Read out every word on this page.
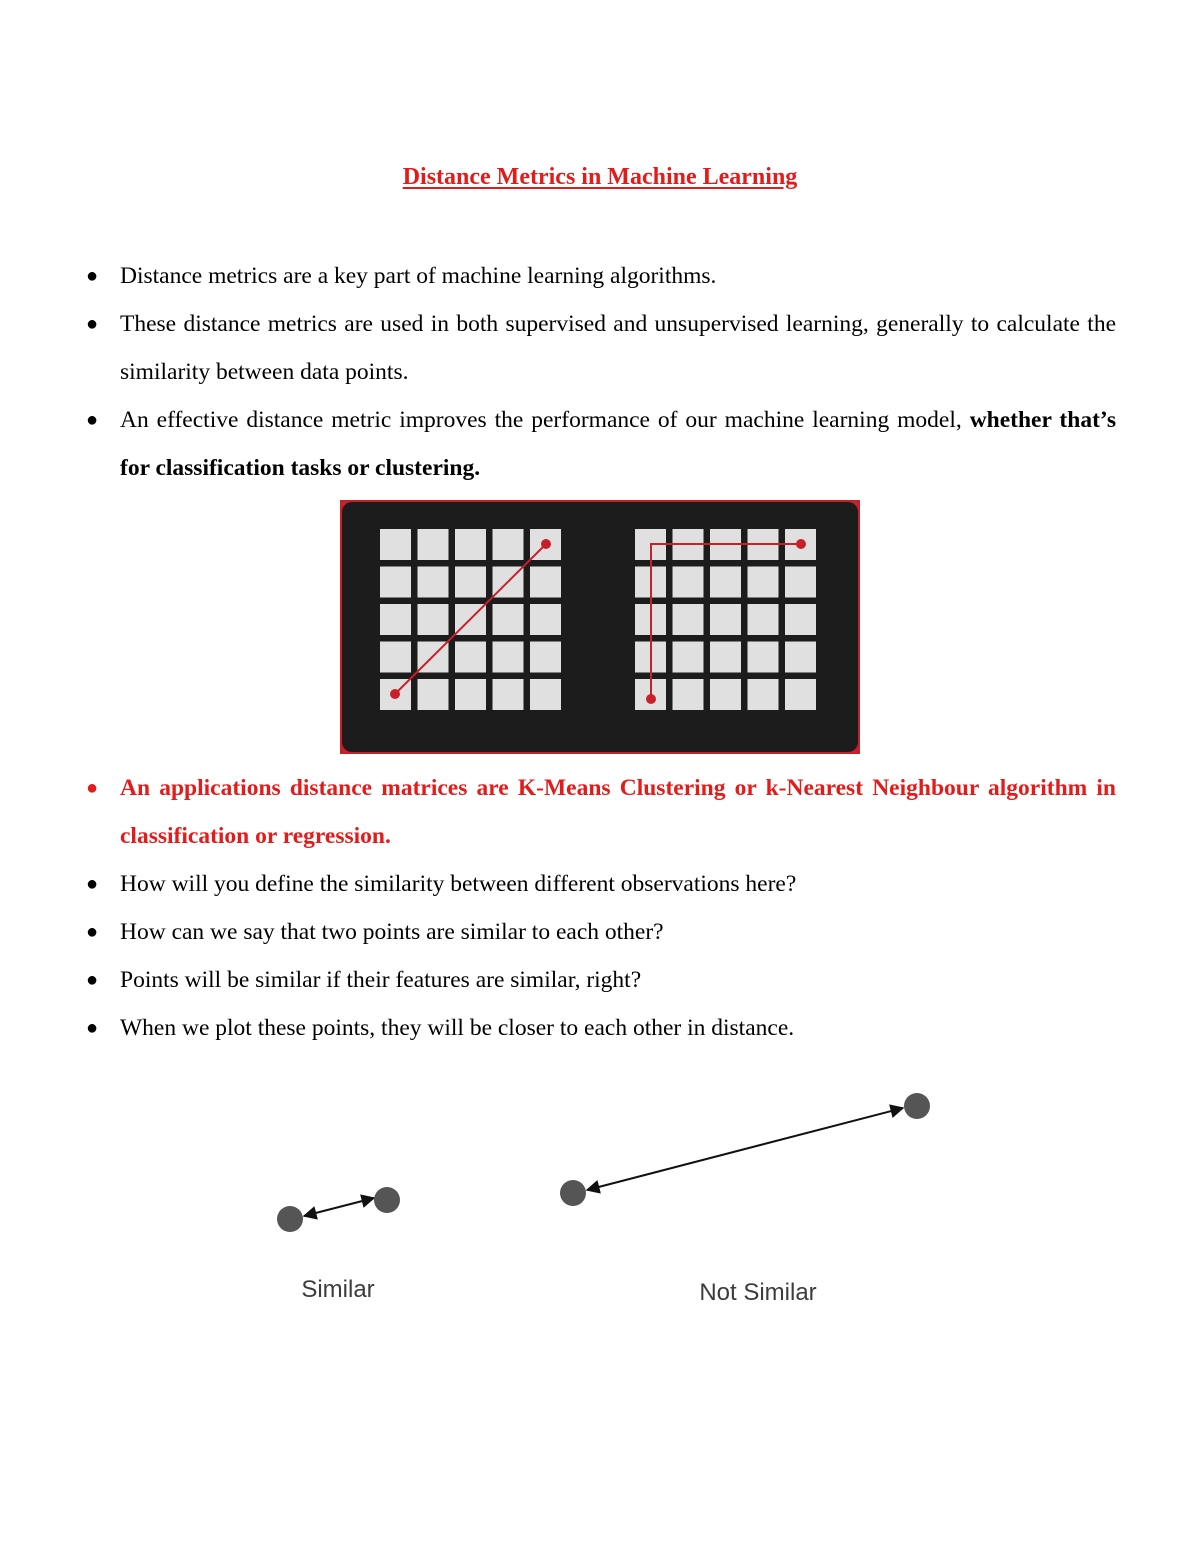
Distance Metrics in Machine Learning
● Distance metrics are a key part of machine learning algorithms.
● These distance metrics are used in both supervised and unsupervised learning, generally to calculate the similarity between data points.
● An effective distance metric improves the performance of our machine learning model, whether that’s for classification tasks or clustering.
● An applications distance matrices are K-Means Clustering or k-Nearest Neighbour algorithm in classification or regression.
● How will you define the similarity between different observations here?
● How can we say that two points are similar to each other?
● Points will be similar if their features are similar, right?
● When we plot these points, they will be closer to each other in distance.
Similar	Not Similar
